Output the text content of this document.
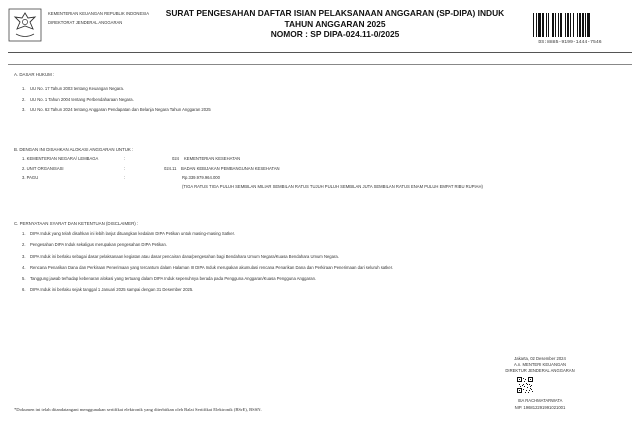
KEMENTERIAN KEUANGAN REPUBLIK INDONESIA
DIREKTORAT JENDERAL ANGGARAN
SURAT PENGESAHAN DAFTAR ISIAN PELAKSANAAN ANGGARAN (SP-DIPA) INDUK
TAHUN ANGGARAN 2025
NOMOR : SP DIPA-024.11-0/2025
DS:8885-9199-1444-7546
A. DASAR HUKUM :
1. UU No. 17 Tahun 2003 tentang Keuangan Negara.
2. UU No. 1 Tahun 2004 tentang Perbendaharaan Negara.
3. UU No. 62 Tahun 2024 tentang Anggaran Pendapatan dan Belanja Negara Tahun Anggaran 2025
B. DENGAN INI DISAHKAN ALOKASI ANGGARAN UNTUK :
1. KEMENTERIAN NEGARA/ LEMBAGA	:	024 KEMENTERIAN KESEHATAN
2. UNIT ORGANISASI	:	024.11 BADAN KEBIJAKAN PEMBANGUNAN KESEHATAN
3. PAGU	:	Rp.339.979.964.000
(TIGA RATUS TIGA PULUH SEMBILAN MILIAR SEMBILAN RATUS TUJUH PULUH SEMBILAN JUTA SEMBILAN RATUS ENAM PULUH EMPAT RIBU RUPIAH)
C. PERNYATAAN SYARAT DAN KETENTUAN (DISCLAIMER) :
1. DIPA Induk yang telah disahkan ini lebih lanjut dituangkan kedalam DIPA Petikan untuk masing-masing Satker.
2. Pengesahan DIPA Induk sekaligus merupakan pengesahan DIPA Petikan.
3. DIPA Induk ini berlaku sebagai dasar pelaksanaan kegiatan atau dasar pencairan dana/pengesahan bagi Bendahara Umum Negara/Kuasa Bendahara Umum Negara.
4. Rencana Penarikan Dana dan Perkiraan Penerimaan yang tercantum dalam Halaman III DIPA Induk merupakan akumulasi rencana Penarikan Dana dan Perkiraan Penerimaan dari seluruh satker.
5. Tanggung jawab terhadap kebenaran alokasi yang tertuang dalam DIPA Induk sepenuhnya berada pada Pengguna Anggaran/Kuasa Pengguna Anggaran.
6. DIPA Induk ini berlaku sejak tanggal 1 Januari 2025 sampai dengan 31 Desember 2025.
Jakarta, 02 Desember 2024
A.n. MENTERI KEUANGAN
DIREKTUR JENDERAL ANGGARAN
ISA RACHMATARWATA
NIP. 196812291991021001
*Dokumen ini telah ditandatangani menggunakan sertifikat elektronik yang diterbitkan oleh Balai Sertifikat Elektronik (BSrE), BSSN.
